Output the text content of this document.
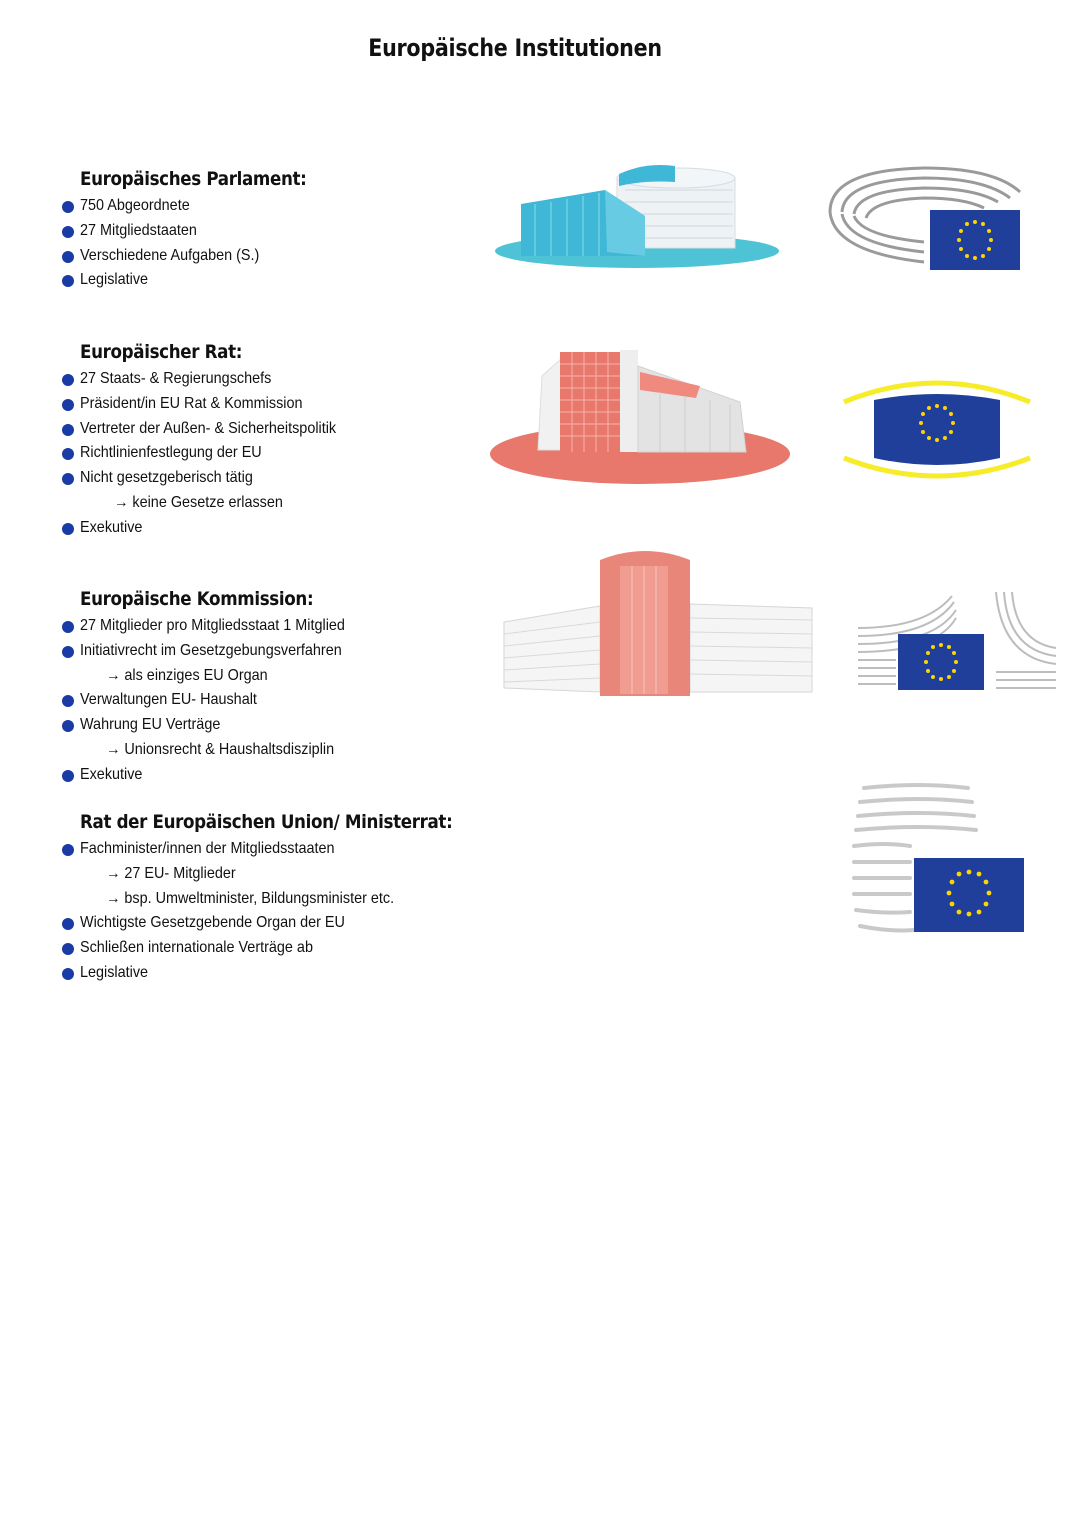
Europäische Institutionen
Europäisches Parlament:
750 Abgeordnete
27 Mitgliedstaaten
Verschiedene Aufgaben (S.)
Legislative
Europäischer Rat:
27 Staats- & Regierungschefs
Präsident/in EU Rat & Kommission
Vertreter der Außen- & Sicherheitspolitik
Richtlinienfestlegung der EU
Nicht gesetzgeberisch tätig
→ keine Gesetze erlassen
Exekutive
Europäische Kommission:
27 Mitglieder pro Mitgliedsstaat 1 Mitglied
Initiativrecht im Gesetzgebungsverfahren
→ als einziges EU Organ
Verwaltungen EU- Haushalt
Wahrung EU Verträge
→ Unionsrecht & Haushaltsdisziplin
Exekutive
Rat der Europäischen Union/ Ministerrat:
Fachminister/innen der Mitgliedsstaaten
→ 27 EU- Mitglieder
→ bsp. Umweltminister, Bildungsminister etc.
Wichtigste Gesetzgebende Organ der EU
Schließen internationale Verträge ab
Legislative
